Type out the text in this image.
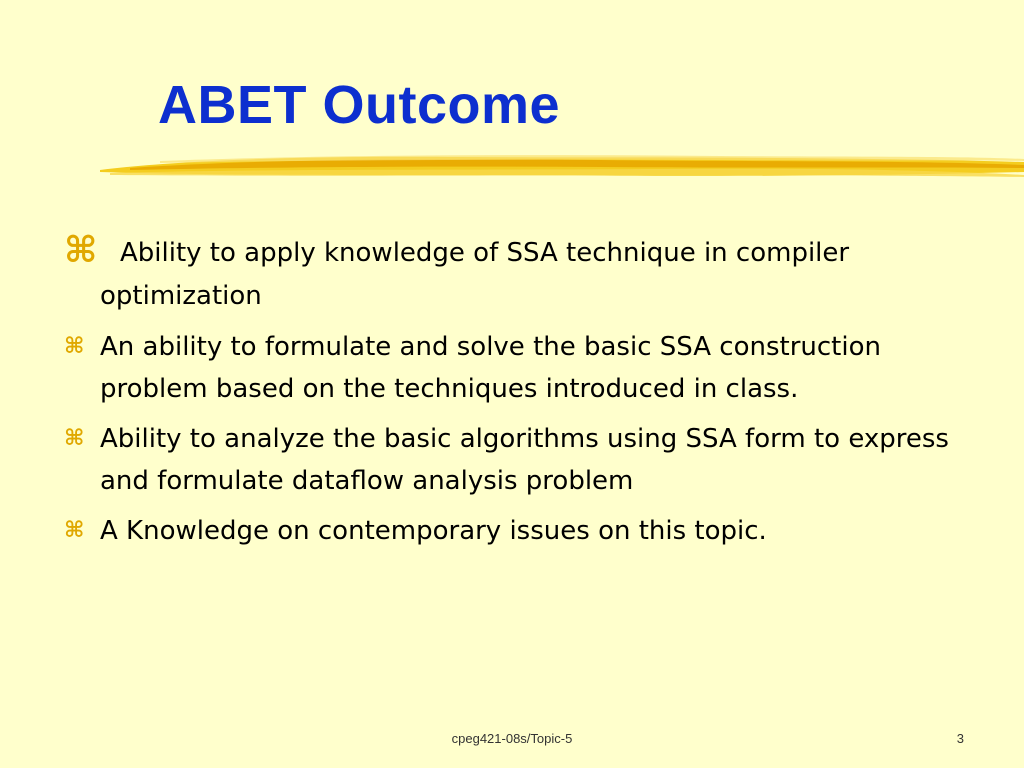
ABET Outcome
⌘ Ability to apply knowledge of SSA technique in compiler optimization
⌘ An ability to formulate and solve the basic SSA construction problem based on the techniques introduced in class.
⌘ Ability to analyze the basic algorithms using SSA form to express and formulate dataflow analysis problem
⌘ A Knowledge on contemporary issues on this topic.
cpeg421-08s/Topic-5	3
